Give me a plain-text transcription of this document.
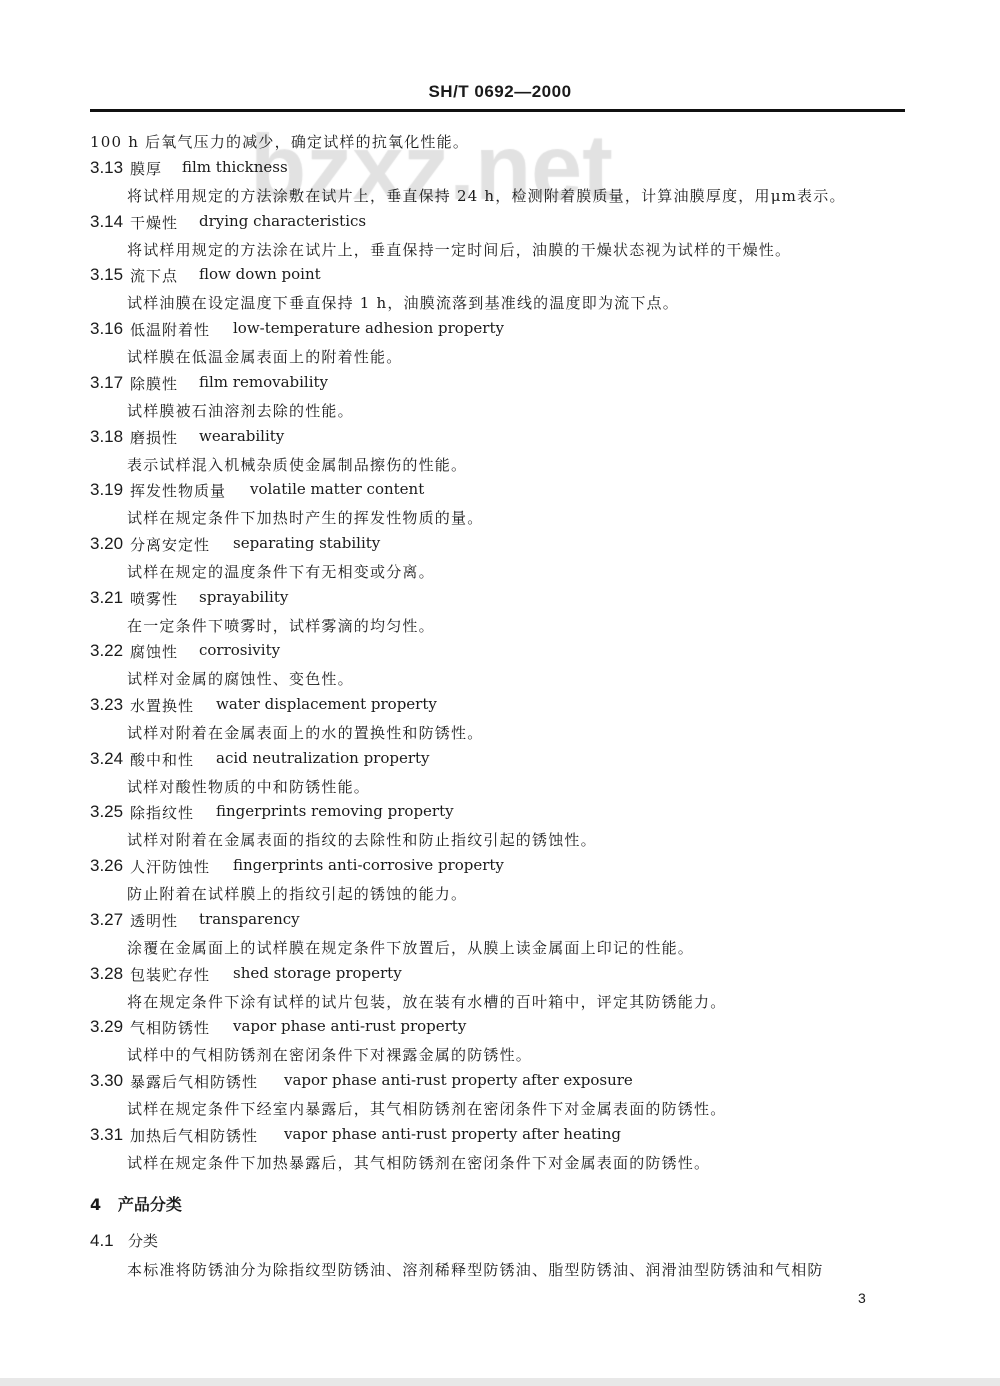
SH/T 0692—2000
100 h 后氧气压力的减少，确定试样的抗氧化性能。
3.13 膜厚 film thickness
将试样用规定的方法涂敷在试片上，垂直保持 24 h，检测附着膜质量，计算油膜厚度，用μm表示。
3.14 干燥性 drying characteristics
将试样用规定的方法涂在试片上，垂直保持一定时间后，油膜的干燥状态视为试样的干燥性。
3.15 流下点 flow down point
试样油膜在设定温度下垂直保持 1 h，油膜流落到基准线的温度即为流下点。
3.16 低温附着性 low-temperature adhesion property
试样膜在低温金属表面上的附着性能。
3.17 除膜性 film removability
试样膜被石油溶剂去除的性能。
3.18 磨损性 wearability
表示试样混入机械杂质使金属制品擦伤的性能。
3.19 挥发性物质量 volatile matter content
试样在规定条件下加热时产生的挥发性物质的量。
3.20 分离安定性 separating stability
试样在规定的温度条件下有无相变或分离。
3.21 喷雾性 sprayability
在一定条件下喷雾时，试样雾滴的均匀性。
3.22 腐蚀性 corrosivity
试样对金属的腐蚀性、变色性。
3.23 水置换性 water displacement property
试样对附着在金属表面上的水的置换性和防锈性。
3.24 酸中和性 acid neutralization property
试样对酸性物质的中和防锈性能。
3.25 除指纹性 fingerprints removing property
试样对附着在金属表面的指纹的去除性和防止指纹引起的锈蚀性。
3.26 人汗防蚀性 fingerprints anti-corrosive property
防止附着在试样膜上的指纹引起的锈蚀的能力。
3.27 透明性 transparency
涂覆在金属面上的试样膜在规定条件下放置后，从膜上读金属面上印记的性能。
3.28 包装贮存性 shed storage property
将在规定条件下涂有试样的试片包装，放在装有水槽的百叶箱中，评定其防锈能力。
3.29 气相防锈性 vapor phase anti-rust property
试样中的气相防锈剂在密闭条件下对裸露金属的防锈性。
3.30 暴露后气相防锈性 vapor phase anti-rust property after exposure
试样在规定条件下经室内暴露后，其气相防锈剂在密闭条件下对金属表面的防锈性。
3.31 加热后气相防锈性 vapor phase anti-rust property after heating
试样在规定条件下加热暴露后，其气相防锈剂在密闭条件下对金属表面的防锈性。
4 产品分类
4.1 分类
本标准将防锈油分为除指纹型防锈油、溶剂稀释型防锈油、脂型防锈油、润滑油型防锈油和气相防
3
